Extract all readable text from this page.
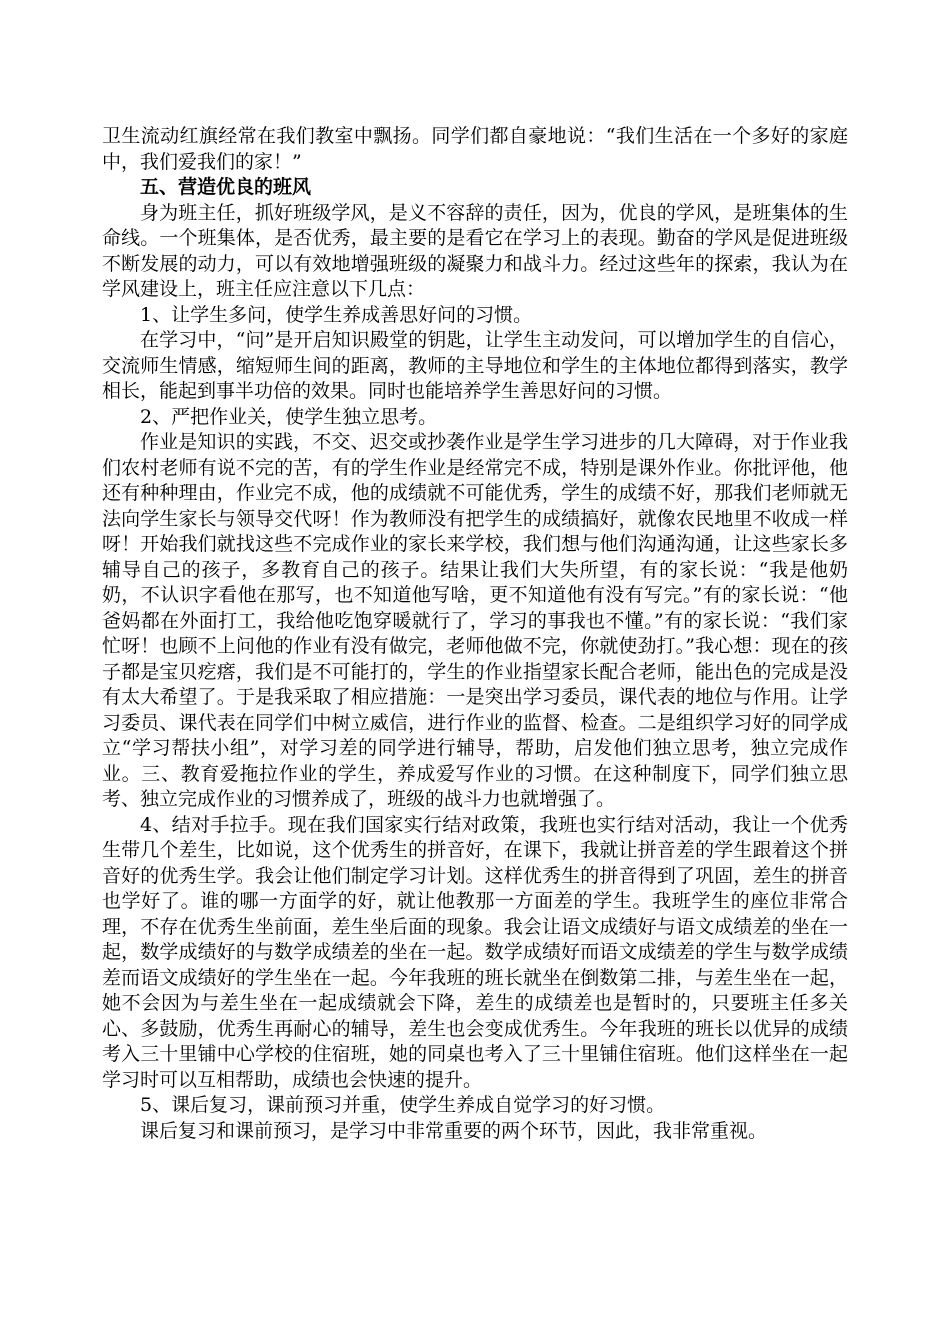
卫生流动红旗经常在我们教室中飘扬。同学们都自豪地说：“我们生活在一个多好的家庭中，我们爱我们的家！”

五、营造优良的班风

身为班主任，抓好班级学风，是义不容辞的责任，因为，优良的学风，是班集体的生命线。一个班集体，是否优秀，最主要的是看它在学习上的表现。勤奋的学风是促进班级不断发展的动力，可以有效地增强班级的凝聚力和战斗力。经过这些年的探索，我认为在学风建设上，班主任应注意以下几点：

1、让学生多问，使学生养成善思好问的习惯。

在学习中，“问”是开启知识殿堂的钥匙，让学生主动发问，可以增加学生的自信心，交流师生情感，缩短师生间的距离，教师的主导地位和学生的主体地位都得到落实，教学相长，能起到事半功倍的效果。同时也能培养学生善思好问的习惯。

2、严把作业关，使学生独立思考。

作业是知识的实践，不交、迟交或抄袭作业是学生学习进步的几大障碍，对于作业我们农村老师有说不完的苦，有的学生作业是经常完不成，特别是课外作业。你批评他，他还有种种理由，作业完不成，他的成绩就不可能优秀，学生的成绩不好，那我们老师就无法向学生家长与领导交代呀！作为教师没有把学生的成绩搞好，就像农民地里不收成一样呀！开始我们就找这些不完成作业的家长来学校，我们想与他们沟通沟通，让这些家长多辅导自己的孩子，多教育自己的孩子。结果让我们大失所望，有的家长说：“我是他奶奶，不认识字看他在那写，也不知道他写啥，更不知道他有没有写完。”有的家长说：“他爸妈都在外面打工，我给他吃饱穿暖就行了，学习的事我也不懂。”有的家长说：“我们家忙呀！也顾不上问他的作业有没有做完，老师他做不完，你就使劲打。”我心想：现在的孩子都是宝贝疙瘩，我们是不可能打的，学生的作业指望家长配合老师，能出色的完成是没有太大希望了。于是我采取了相应措施：一是突出学习委员，课代表的地位与作用。让学习委员、课代表在同学们中树立威信，进行作业的监督、检查。二是组织学习好的同学成立“学习帮扶小组”，对学习差的同学进行辅导，帮助，启发他们独立思考，独立完成作业。三、教育爱拖拉作业的学生，养成爱写作业的习惯。在这种制度下，同学们独立思考、独立完成作业的习惯养成了，班级的战斗力也就增强了。

4、结对手拉手。现在我们国家实行结对政策，我班也实行结对活动，我让一个优秀生带几个差生，比如说，这个优秀生的拼音好，在课下，我就让拼音差的学生跟着这个拼音好的优秀生学。我会让他们制定学习计划。这样优秀生的拼音得到了巩固，差生的拼音也学好了。谁的哪一方面学的好，就让他教那一方面差的学生。我班学生的座位非常合理，不存在优秀生坐前面，差生坐后面的现象。我会让语文成绩好与语文成绩差的坐在一起，数学成绩好的与数学成绩差的坐在一起。数学成绩好而语文成绩差的学生与数学成绩差而语文成绩好的学生坐在一起。今年我班的班长就坐在倒数第二排，与差生坐在一起，她不会因为与差生坐在一起成绩就会下降，差生的成绩差也是暂时的，只要班主任多关心、多鼓励，优秀生再耐心的辅导，差生也会变成优秀生。今年我班的班长以优异的成绩考入三十里铺中心学校的住宿班，她的同桌也考入了三十里铺住宿班。他们这样坐在一起学习时可以互相帮助，成绩也会快速的提升。

5、课后复习，课前预习并重，使学生养成自觉学习的好习惯。

课后复习和课前预习，是学习中非常重要的两个环节，因此，我非常重视。
